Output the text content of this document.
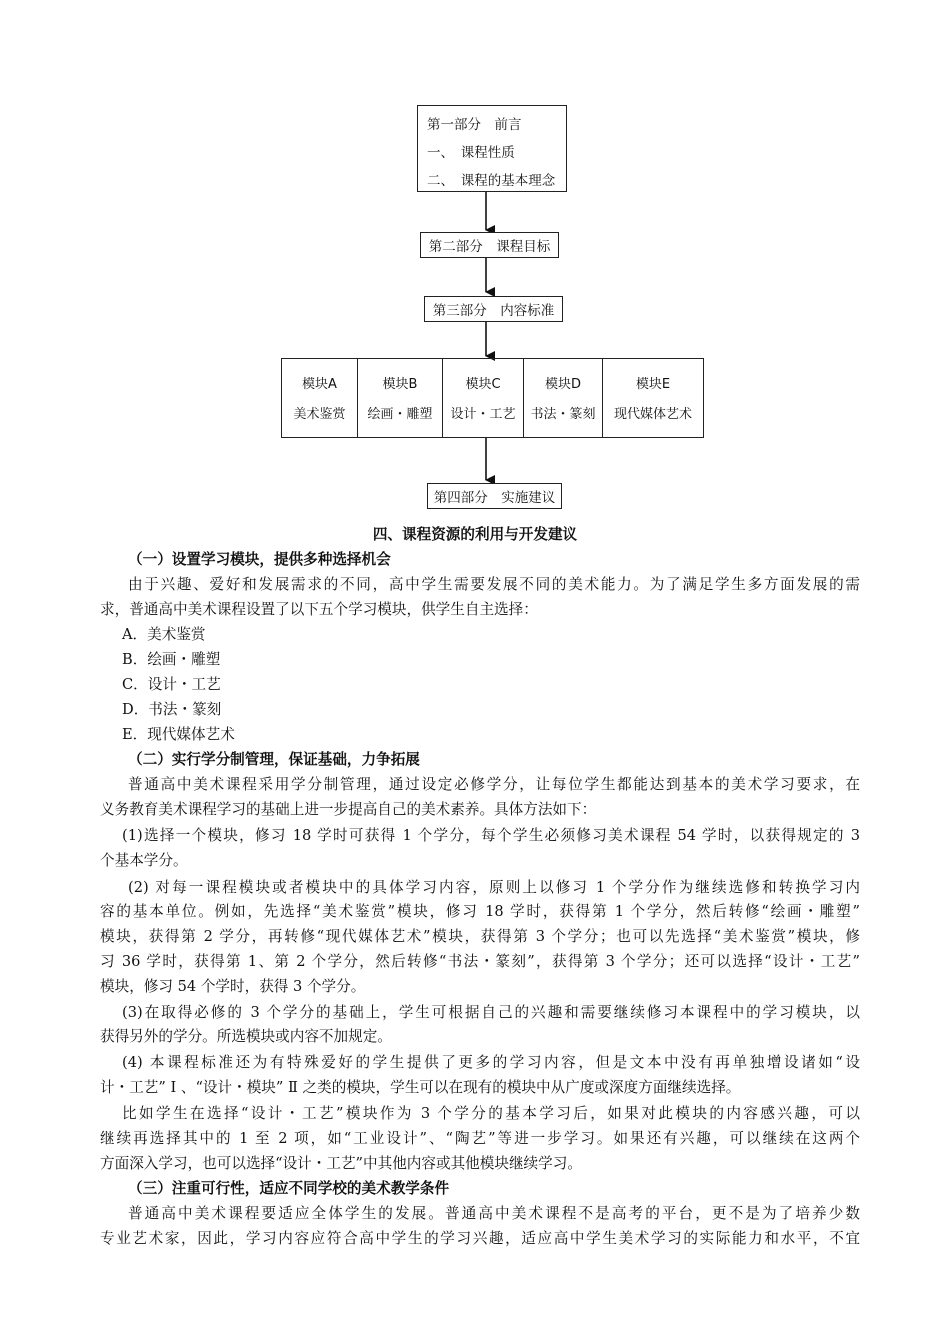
第一部分　前言
一、　课程性质
二、　课程的基本理念
第二部分　课程目标
第三部分　内容标准
模块A
美术鉴赏
模块B
绘画・雕塑
模块C
设计・工艺
模块D
书法・篆刻
模块E
现代媒体艺术
第四部分　实施建议
四、课程资源的利用与开发建议
（一）设置学习模块，提供多种选择机会
由于兴趣、爱好和发展需求的不同，高中学生需要发展不同的美术能力。为了满足学生多方面发展的需
求，普通高中美术课程设置了以下五个学习模块，供学生自主选择：
A．美术鉴赏
B．绘画・雕塑
C．设计・工艺
D．书法・篆刻
E．现代媒体艺术
（二）实行学分制管理，保证基础，力争拓展
普通高中美术课程采用学分制管理，通过设定必修学分，让每位学生都能达到基本的美术学习要求，在
义务教育美术课程学习的基础上进一步提高自己的美术素养。具体方法如下：
(1)选择一个模块，修习 18 学时可获得 1 个学分，每个学生必须修习美术课程 54 学时，以获得规定的 3
个基本学分。
(2) 对每一课程模块或者模块中的具体学习内容，原则上以修习 1 个学分作为继续选修和转换学习内
容的基本单位。例如，先选择“美术鉴赏”模块，修习 18 学时，获得第 1 个学分，然后转修“绘画・雕塑”
模块，获得第 2 学分，再转修“现代媒体艺术”模块，获得第 3 个学分；也可以先选择“美术鉴赏”模块，修
习 36 学时，获得第 1、第 2 个学分，然后转修“书法・篆刻”，获得第 3 个学分；还可以选择“设计・工艺”
模块，修习 54 个学时，获得 3 个学分。
(3)在取得必修的 3 个学分的基础上，学生可根据自己的兴趣和需要继续修习本课程中的学习模块，以
获得另外的学分。所选模块或内容不加规定。
(4) 本课程标准还为有特殊爱好的学生提供了更多的学习内容，但是文本中没有再单独增设诸如“设
计・工艺” Ⅰ 、“设计・模块” Ⅱ 之类的模块，学生可以在现有的模块中从广度或深度方面继续选择。
比如学生在选择“设计・工艺”模块作为 3 个学分的基本学习后，如果对此模块的内容感兴趣，可以
继续再选择其中的 1 至 2 项，如“工业设计”、“陶艺”等进一步学习。如果还有兴趣，可以继续在这两个
方面深入学习，也可以选择“设计・工艺”中其他内容或其他模块继续学习。
（三）注重可行性，适应不同学校的美术教学条件
普通高中美术课程要适应全体学生的发展。普通高中美术课程不是高考的平台，更不是为了培养少数
专业艺术家，因此，学习内容应符合高中学生的学习兴趣，适应高中学生美术学习的实际能力和水平，不宜
